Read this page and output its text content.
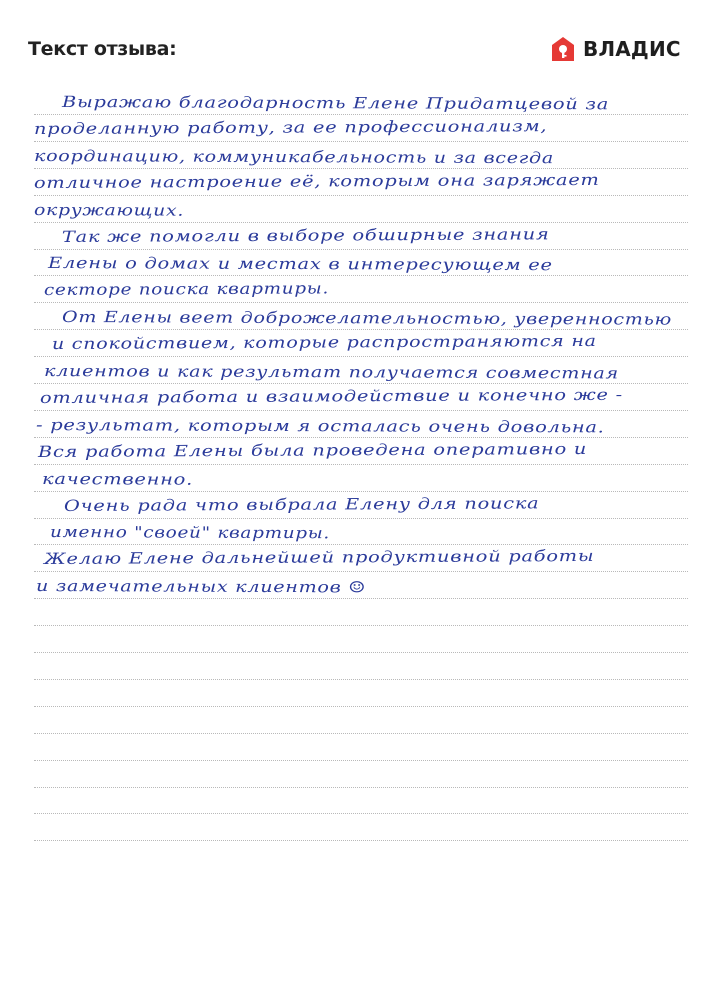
Текст отзыва:	ВЛАДИС
Выражаю благодарность Елене Придатцевой за
проделанную работу, за ее профессионализм,
координацию, коммуникабельность и за всегда
отличное настроение её, которым она заряжает
окружающих.
Так же помогли в выборе обширные знания
Елены о домах и местах в интересующем ее
секторе поиска квартиры.
От Елены веет доброжелательностью, уверенностью
и спокойствием, которые распространяются на
клиентов и как результат получается совместная
отличная работа и взаимодействие и конечно же -
- результат, которым я осталась очень довольна.
Вся работа Елены была проведена оперативно и
качественно.
Очень рада что выбрала Елену для поиска
именно "своей" квартиры.
Желаю Елене дальнейшей продуктивной работы
и замечательных клиентов ☺
